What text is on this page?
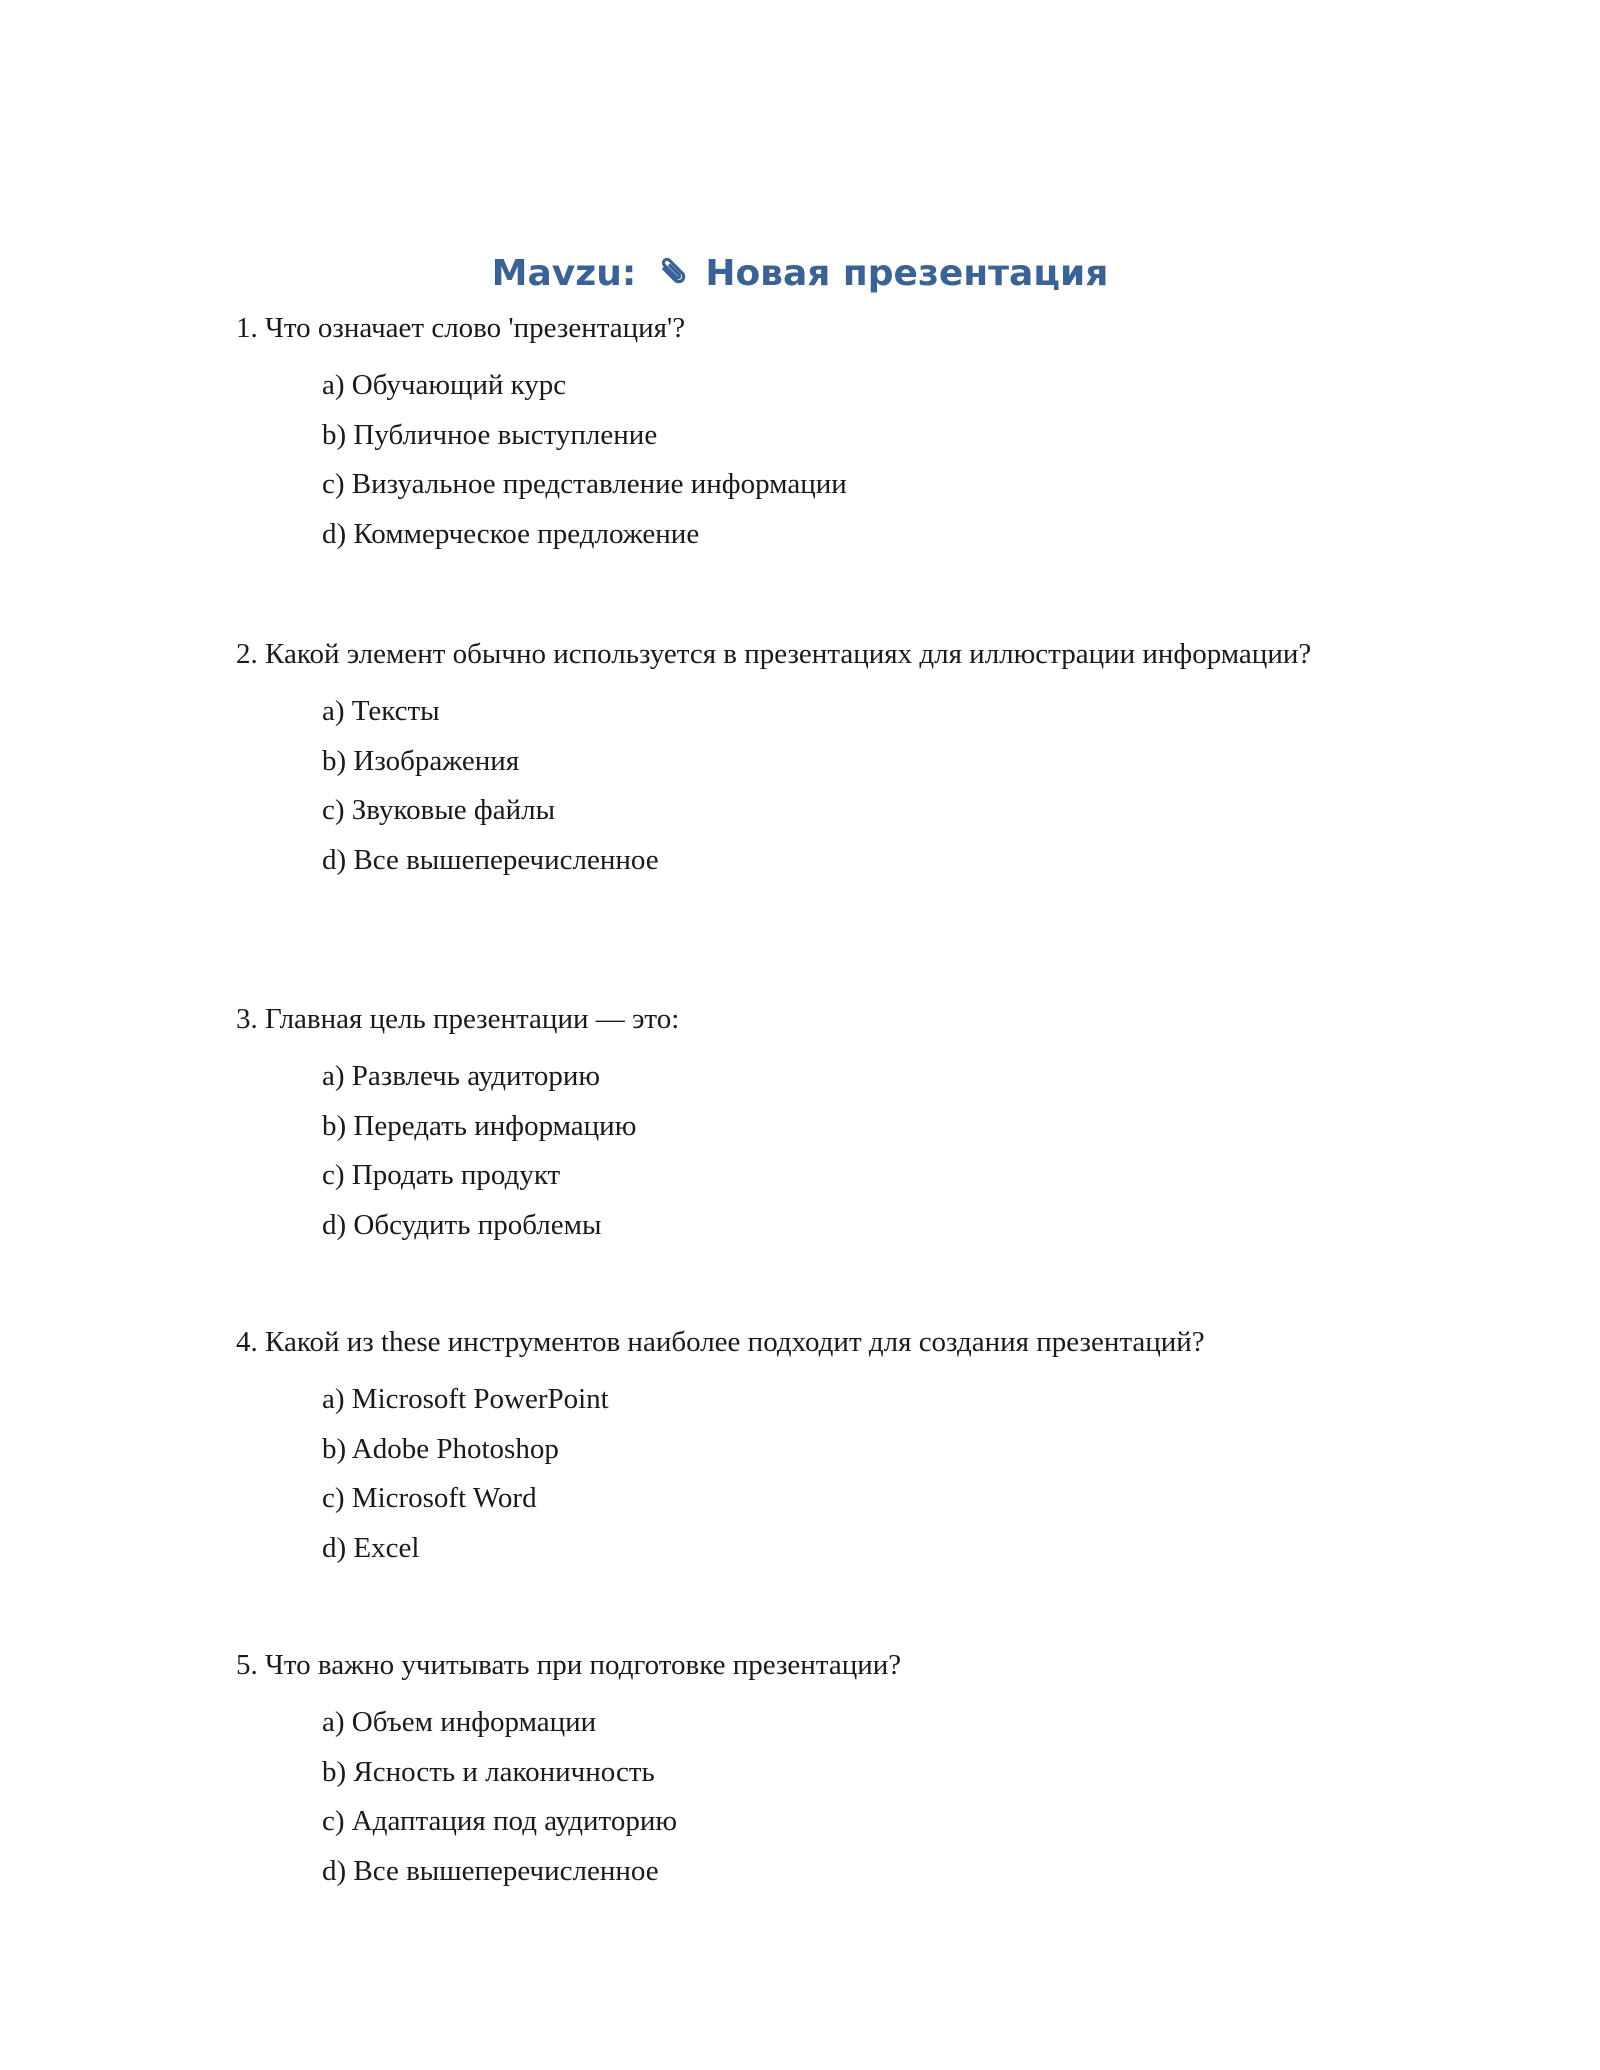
Mavzu: Новая презентация
1. Что означает слово 'презентация'?
a) Обучающий курс
b) Публичное выступление
c) Визуальное представление информации
d) Коммерческое предложение
2. Какой элемент обычно используется в презентациях для иллюстрации информации?
a) Тексты
b) Изображения
c) Звуковые файлы
d) Все вышеперечисленное
3. Главная цель презентации — это:
a) Развлечь аудиторию
b) Передать информацию
c) Продать продукт
d) Обсудить проблемы
4. Какой из these инструментов наиболее подходит для создания презентаций?
a) Microsoft PowerPoint
b) Adobe Photoshop
c) Microsoft Word
d) Excel
5. Что важно учитывать при подготовке презентации?
a) Объем информации
b) Ясность и лаконичность
c) Адаптация под аудиторию
d) Все вышеперечисленное
